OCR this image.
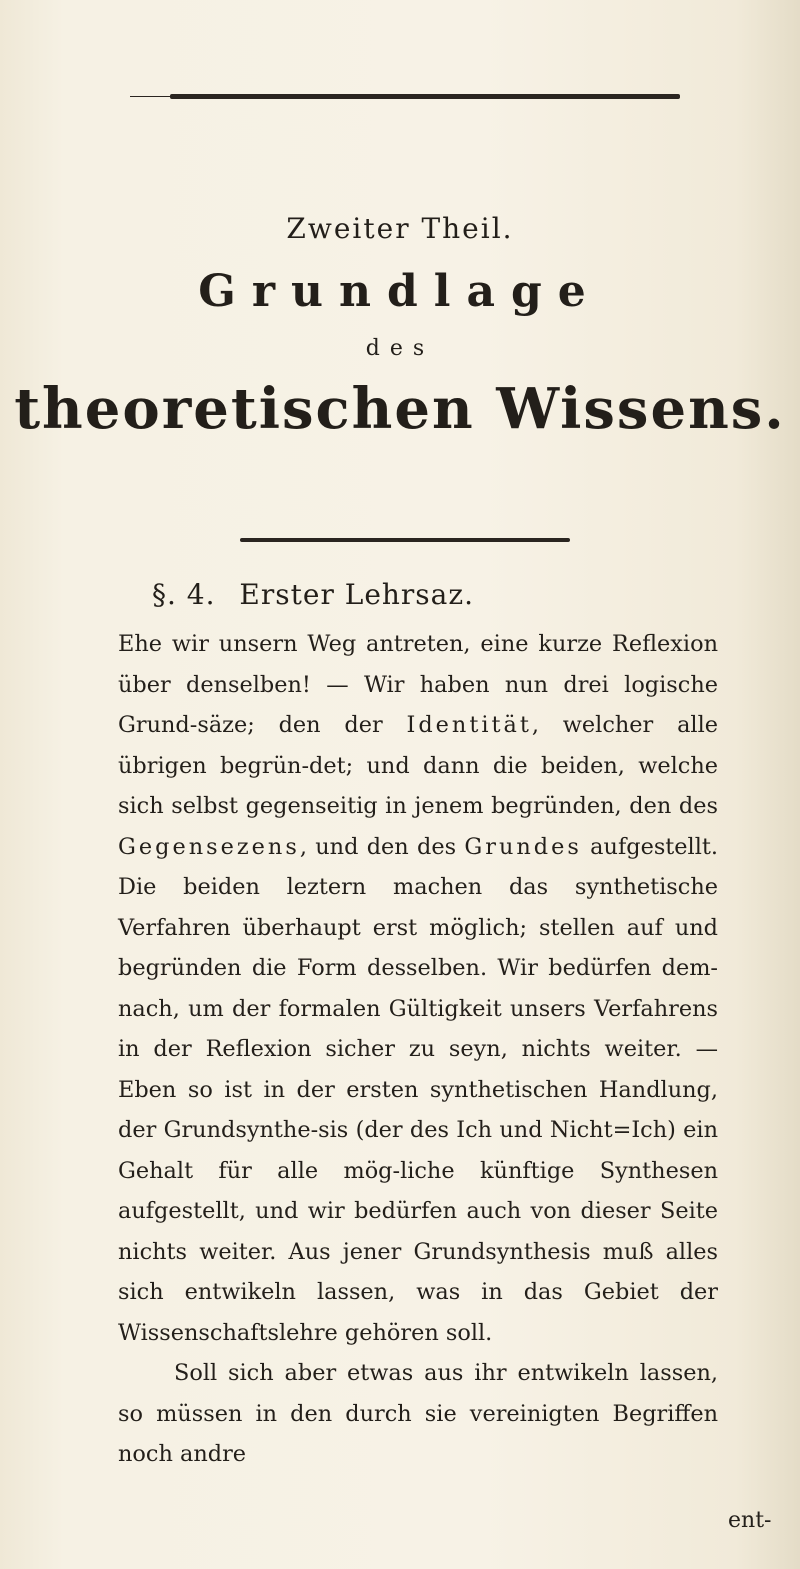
Zweiter Theil.

Grundlage

des

theoretischen Wissens.

§. 4. Erster Lehrsaz.

Ehe wir unsern Weg antreten, eine kurze Reflexion über denselben! — Wir haben nun drei logische Grund-säze; den der Identität, welcher alle übrigen begrün-det; und dann die beiden, welche sich selbst gegenseitig in jenem begründen, den des Gegensezens, und den des Grundes aufgestellt. Die beiden leztern machen das synthetische Verfahren überhaupt erst möglich; stellen auf und begründen die Form desselben. Wir bedürfen dem-nach, um der formalen Gültigkeit unsers Verfahrens in der Reflexion sicher zu seyn, nichts weiter. — Eben so ist in der ersten synthetischen Handlung, der Grundsynthe-sis (der des Ich und Nicht=Ich) ein Gehalt für alle mög-liche künftige Synthesen aufgestellt, und wir bedürfen auch von dieser Seite nichts weiter. Aus jener Grundsynthesis muß alles sich entwikeln lassen, was in das Gebiet der Wissenschaftslehre gehören soll.

Soll sich aber etwas aus ihr entwikeln lassen, so müssen in den durch sie vereinigten Begriffen noch andre

ent-
